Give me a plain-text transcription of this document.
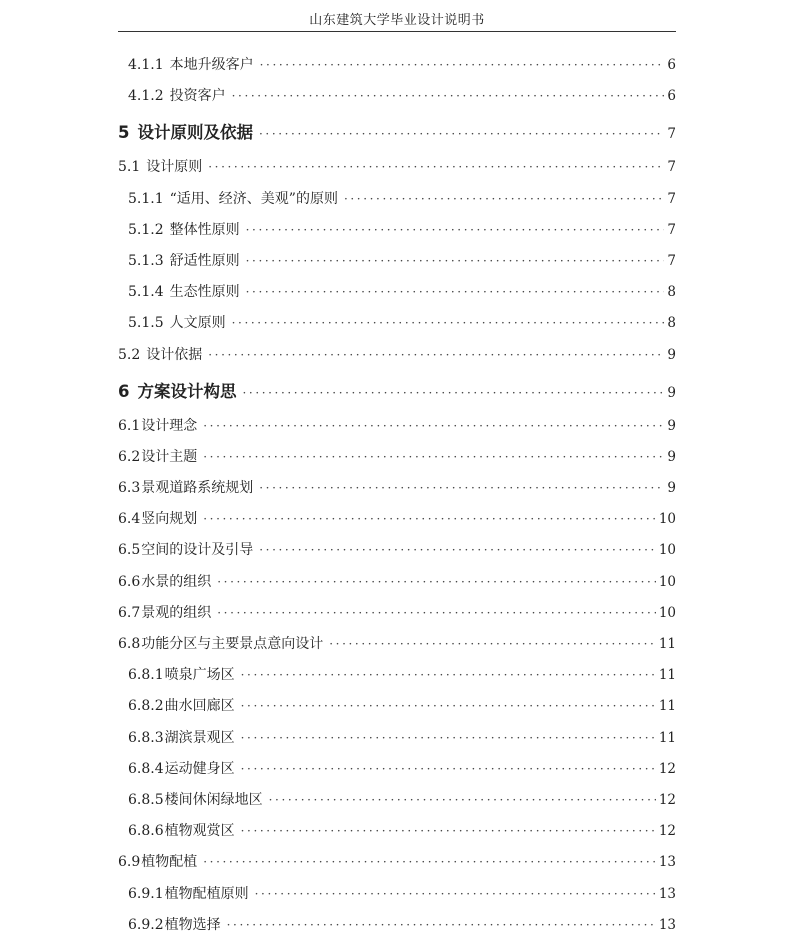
山东建筑大学毕业设计说明书
4.1.1 本地升级客户 ·····	6
4.1.2 投资客户 ·····	6
5 设计原则及依据 ·····	7
5.1 设计原则 ·····	7
5.1.1 “适用、经济、美观”的原则 ·····	7
5.1.2 整体性原则 ·····	7
5.1.3 舒适性原则 ·····	7
5.1.4 生态性原则 ·····	8
5.1.5 人文原则 ·····	8
5.2 设计依据 ·····	9
6 方案设计构思 ·····	9
6.1 设计理念 ·····	9
6.2 设计主题 ·····	9
6.3 景观道路系统规划 ·····	9
6.4 竖向规划 ·····	10
6.5 空间的设计及引导 ·····	10
6.6 水景的组织 ·····	10
6.7 景观的组织 ·····	10
6.8 功能分区与主要景点意向设计 ·····	11
6.8.1 喷泉广场区 ·····	11
6.8.2 曲水回廊区 ·····	11
6.8.3 湖滨景观区 ·····	11
6.8.4 运动健身区 ·····	12
6.8.5 楼间休闲绿地区 ·····	12
6.8.6 植物观赏区 ·····	12
6.9 植物配植 ·····	13
6.9.1 植物配植原则 ·····	13
6.9.2 植物选择 ·····	13
